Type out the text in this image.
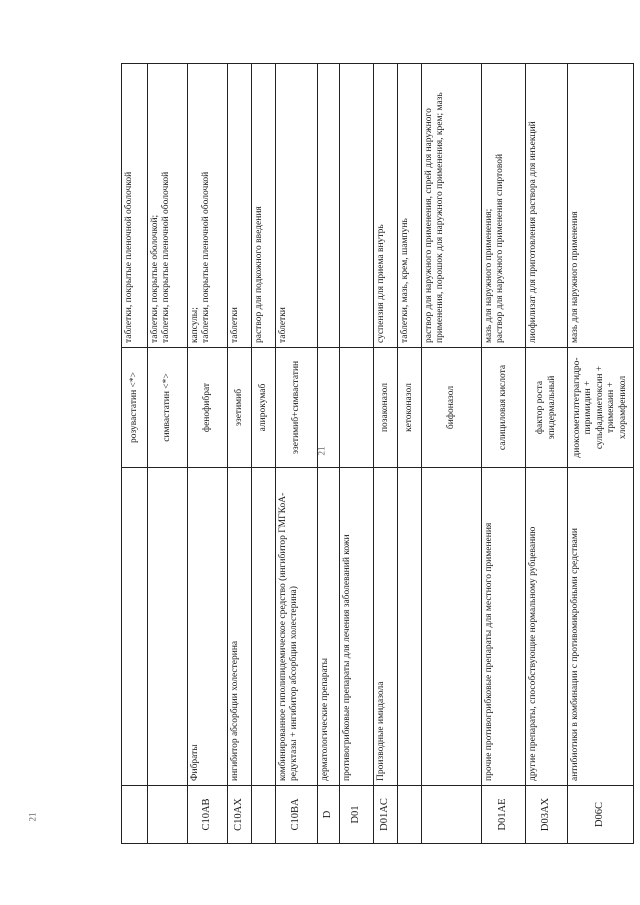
		розувастатин <*>	таблетки, покрытые пленочной оболочкой
		симвастатин <*>	таблетки, покрытые оболочкой;
таблетки, покрытые пленочной оболочкой
C10AB	Фибраты	фенофибрат	капсулы;
таблетки, покрытые пленочной оболочкой
C10AX	ингибитор абсорбции холестерина	эзетимиб	таблетки
		алирокумаб	раствор для подкожного введения
C10BA	комбинированное гиполипидемическое средство (ингибитор ГМГКоА-редуктазы + ингибитор абсорбции холестерина)	эзетимиб+симвастатин	таблетки
D	дерматологические препараты		
D01	противогрибковые препараты для лечения заболеваний кожи		
D01AC	Производные имидазола	позаконазол	суспензия для приема внутрь
		кетоконазол	таблетки, мазь, крем, шампунь
		бифоназол	раствор для наружного применения, спрей для наружного применения, порошок для наружного применения, крем; мазь
D01AE	прочие противогрибковые препараты для местного применения	салициловая кислота	мазь для наружного применения;
раствор для наружного применения спиртовой
D03AX	другие препараты, способствующие нормальному рубцеванию	фактор роста эпидермальный	лиофилизат для приготовления раствора для инъекций
D06C	антибиотики в комбинации с противомикробными средствами	диоксометилтетрагидро-пиримидин + сульфадиметоксин + тримекаин + хлорамфеникол	мазь для наружного применения
21
21
